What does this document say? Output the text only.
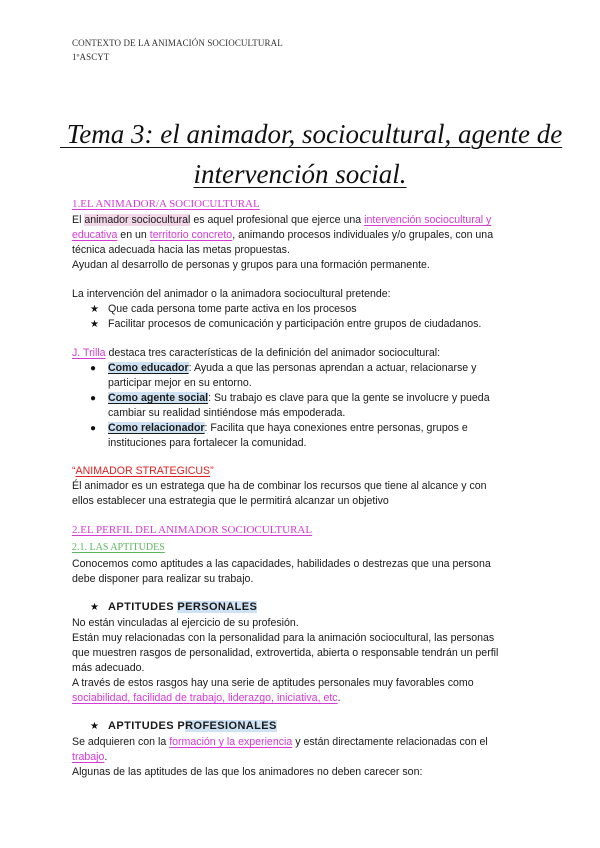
CONTEXTO DE LA ANIMACIÓN SOCIOCULTURAL
1ºASCYT
Tema 3: el animador, sociocultural, agente de
intervención social.
1.EL ANIMADOR/A SOCIOCULTURAL
El animador sociocultural es aquel profesional que ejerce una intervención sociocultural y
educativa en un territorio concreto, animando procesos individuales y/o grupales, con una
técnica adecuada hacia las metas propuestas.
Ayudan al desarrollo de personas y grupos para una formación permanente.
La intervención del animador o la animadora sociocultural pretende:
★ Que cada persona tome parte activa en los procesos
★ Facilitar procesos de comunicación y participación entre grupos de ciudadanos.
J. Trilla destaca tres características de la definición del animador sociocultural:
● Como educador: Ayuda a que las personas aprendan a actuar, relacionarse y
participar mejor en su entorno.
● Como agente social: Su trabajo es clave para que la gente se involucre y pueda
cambiar su realidad sintiéndose más empoderada.
● Como relacionador: Facilita que haya conexiones entre personas, grupos e
instituciones para fortalecer la comunidad.
“ANIMADOR STRATEGICUS”
Él animador es un estratega que ha de combinar los recursos que tiene al alcance y con
ellos establecer una estrategia que le permitirá alcanzar un objetivo
2.EL PERFIL DEL ANIMADOR SOCIOCULTURAL
2.1. LAS APTITUDES
Conocemos como aptitudes a las capacidades, habilidades o destrezas que una persona
debe disponer para realizar su trabajo.
★ APTITUDES PERSONALES
No están vinculadas al ejercicio de su profesión.
Están muy relacionadas con la personalidad para la animación sociocultural, las personas
que muestren rasgos de personalidad, extrovertida, abierta o responsable tendrán un perfil
más adecuado.
A través de estos rasgos hay una serie de aptitudes personales muy favorables como
sociabilidad, facilidad de trabajo, liderazgo, iniciativa, etc.
★ APTITUDES PROFESIONALES
Se adquieren con la formación y la experiencia y están directamente relacionadas con el
trabajo.
Algunas de las aptitudes de las que los animadores no deben carecer son:
